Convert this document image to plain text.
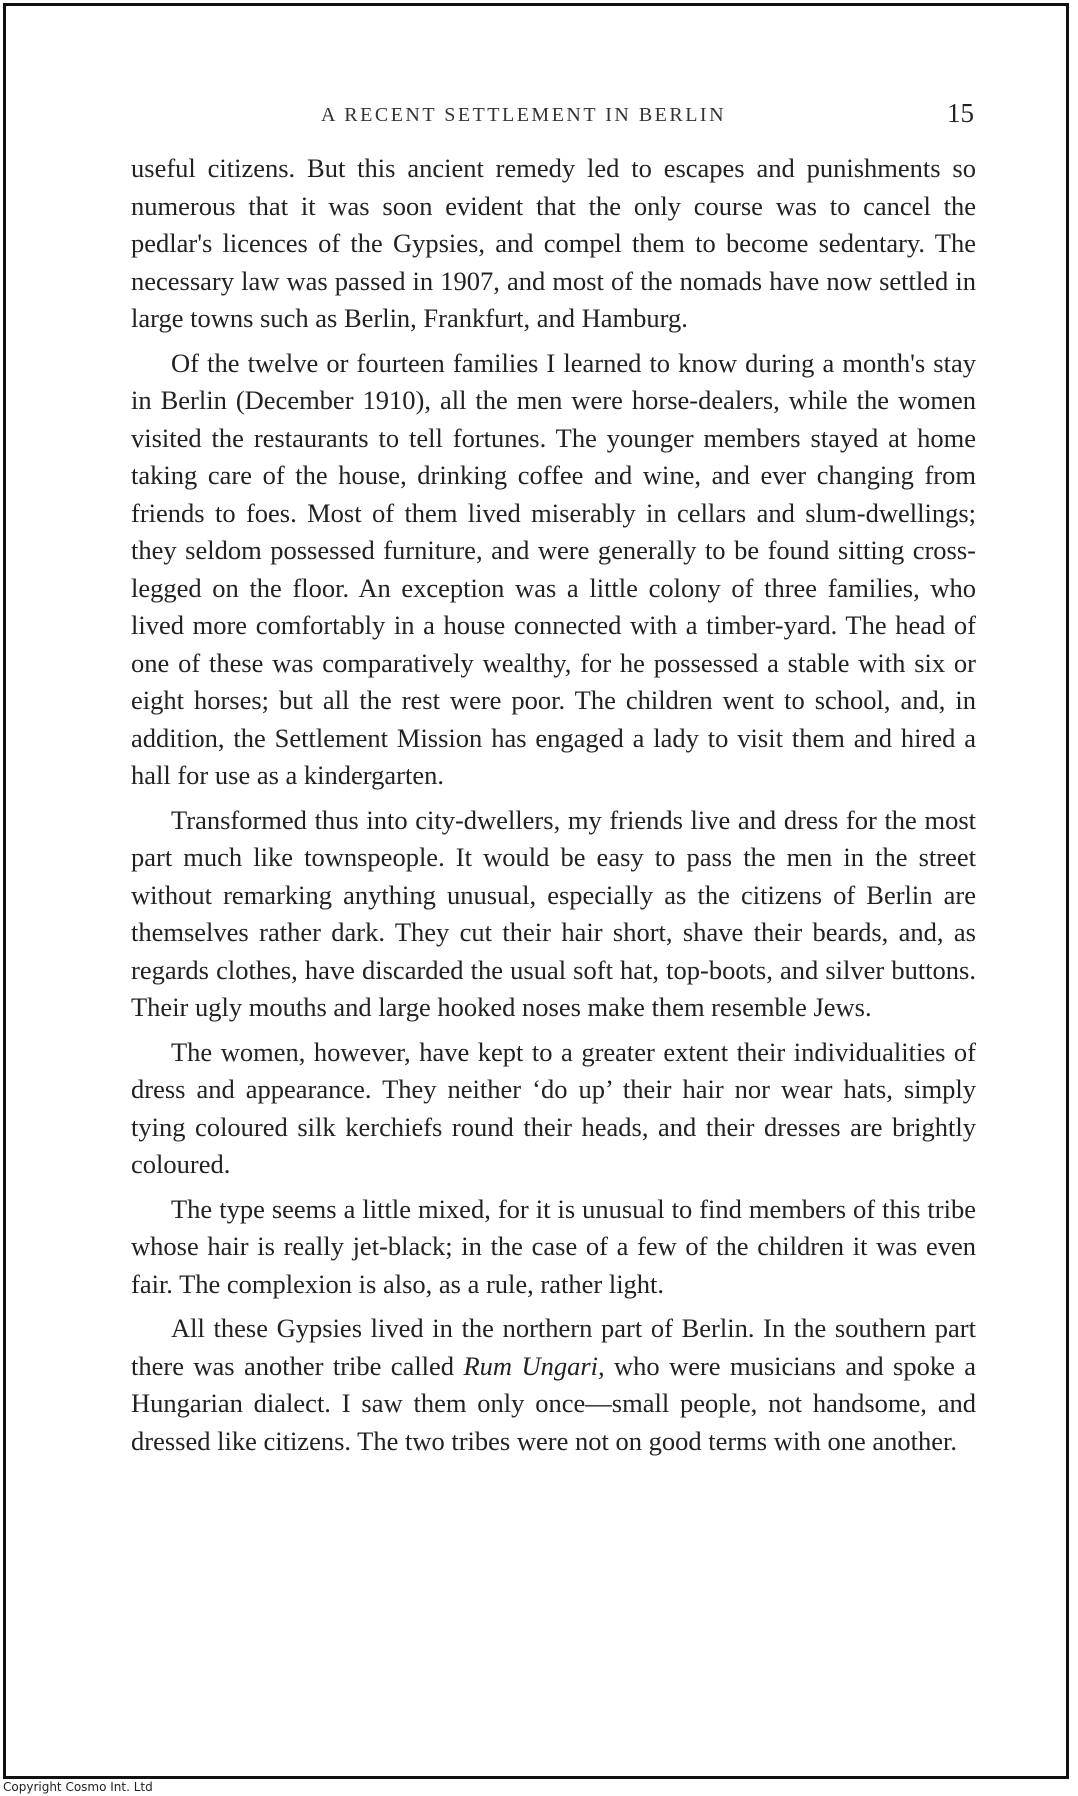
A RECENT SETTLEMENT IN BERLIN	15

useful citizens. But this ancient remedy led to escapes and punishments so numerous that it was soon evident that the only course was to cancel the pedlar's licences of the Gypsies, and compel them to become sedentary. The necessary law was passed in 1907, and most of the nomads have now settled in large towns such as Berlin, Frankfurt, and Hamburg.

Of the twelve or fourteen families I learned to know during a month's stay in Berlin (December 1910), all the men were horse-dealers, while the women visited the restaurants to tell fortunes. The younger members stayed at home taking care of the house, drinking coffee and wine, and ever changing from friends to foes. Most of them lived miserably in cellars and slum-dwellings; they seldom possessed furniture, and were generally to be found sitting cross-legged on the floor. An exception was a little colony of three families, who lived more comfortably in a house connected with a timber-yard. The head of one of these was comparatively wealthy, for he possessed a stable with six or eight horses; but all the rest were poor. The children went to school, and, in addition, the Settlement Mission has engaged a lady to visit them and hired a hall for use as a kindergarten.

Transformed thus into city-dwellers, my friends live and dress for the most part much like townspeople. It would be easy to pass the men in the street without remarking anything unusual, especially as the citizens of Berlin are themselves rather dark. They cut their hair short, shave their beards, and, as regards clothes, have discarded the usual soft hat, top-boots, and silver buttons. Their ugly mouths and large hooked noses make them resemble Jews.

The women, however, have kept to a greater extent their individualities of dress and appearance. They neither ‘do up’ their hair nor wear hats, simply tying coloured silk kerchiefs round their heads, and their dresses are brightly coloured.

The type seems a little mixed, for it is unusual to find members of this tribe whose hair is really jet-black; in the case of a few of the children it was even fair. The complexion is also, as a rule, rather light.

All these Gypsies lived in the northern part of Berlin. In the southern part there was another tribe called Rum Ungari, who were musicians and spoke a Hungarian dialect. I saw them only once—small people, not handsome, and dressed like citizens. The two tribes were not on good terms with one another.

Copyright Cosmo Int. Ltd
